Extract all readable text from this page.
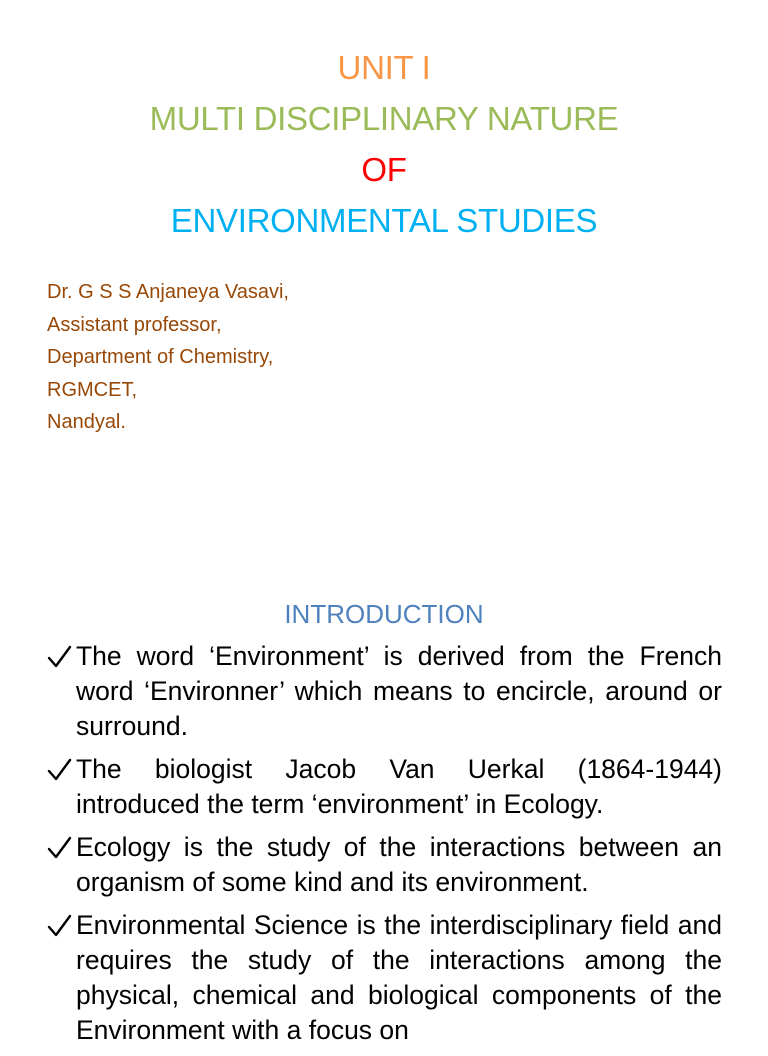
UNIT I
MULTI DISCIPLINARY NATURE
OF
ENVIRONMENTAL STUDIES
Dr. G S S Anjaneya Vasavi,
Assistant professor,
Department of Chemistry,
RGMCET,
Nandyal.
INTRODUCTION
The word ‘Environment’ is derived from the French word ‘Environner’ which means to encircle, around or surround.
The biologist Jacob Van Uerkal (1864-1944) introduced the term ‘environment’ in Ecology.
Ecology is the study of the interactions between an organism of some kind and its environment.
Environmental Science is the interdisciplinary field and requires the study of the interactions among the physical, chemical and biological components of the Environment with a focus on
